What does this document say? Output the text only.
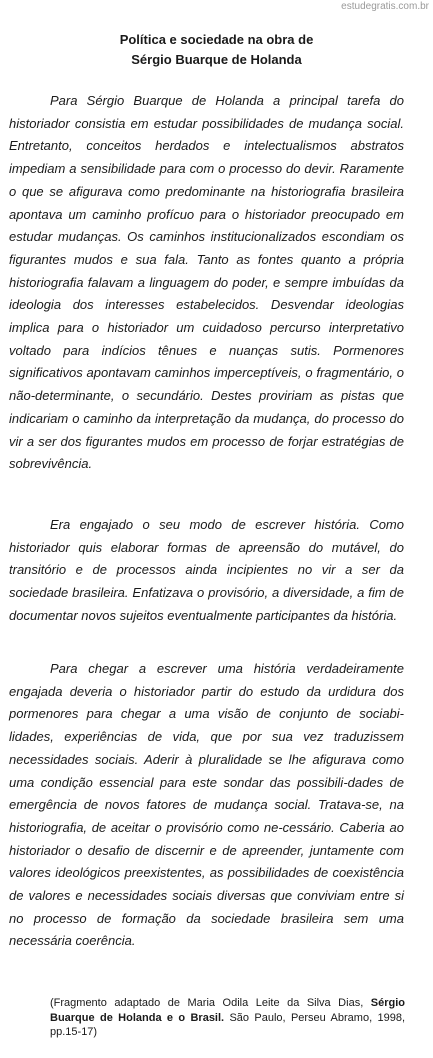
estudegratis.com.br
Política e sociedade na obra de
Sérgio Buarque de Holanda

Para Sérgio Buarque de Holanda a principal tarefa do historiador consistia em estudar possibilidades de mudança social. Entretanto, conceitos herdados e intelectualismos abstratos impediam a sensibilidade para com o processo do devir. Raramente o que se afigurava como predominante na historiografia brasileira apontava um caminho profícuo para o historiador preocupado em estudar mudanças. Os caminhos institucionalizados escondiam os figurantes mudos e sua fala. Tanto as fontes quanto a própria historiografia falavam a linguagem do poder, e sempre imbuídas da ideologia dos interesses estabelecidos. Desvendar ideologias implica para o historiador um cuidadoso percurso interpretativo voltado para indícios tênues e nuanças sutis. Pormenores significativos apontavam caminhos imperceptíveis, o fragmentário, o não-determinante, o secundário. Destes proviriam as pistas que indicariam o caminho da interpretação da mudança, do processo do vir a ser dos figurantes mudos em processo de forjar estratégias de sobrevivência.

Era engajado o seu modo de escrever história. Como historiador quis elaborar formas de apreensão do mutável, do transitório e de processos ainda incipientes no vir a ser da sociedade brasileira. Enfatizava o provisório, a diversidade, a fim de documentar novos sujeitos eventualmente participantes da história.

Para chegar a escrever uma história verdadeiramente engajada deveria o historiador partir do estudo da urdidura dos pormenores para chegar a uma visão de conjunto de sociabi-lidades, experiências de vida, que por sua vez traduzissem necessidades sociais. Aderir à pluralidade se lhe afigurava como uma condição essencial para este sondar das possibili-dades de emergência de novos fatores de mudança social. Tratava-se, na historiografia, de aceitar o provisório como ne-cessário. Caberia ao historiador o desafio de discernir e de apreender, juntamente com valores ideológicos preexistentes, as possibilidades de coexistência de valores e necessidades sociais diversas que conviviam entre si no processo de formação da sociedade brasileira sem uma necessária coerência.

(Fragmento adaptado de Maria Odila Leite da Silva Dias, Sérgio Buarque de Holanda e o Brasil. São Paulo, Perseu Abramo, 1998, pp.15-17)
